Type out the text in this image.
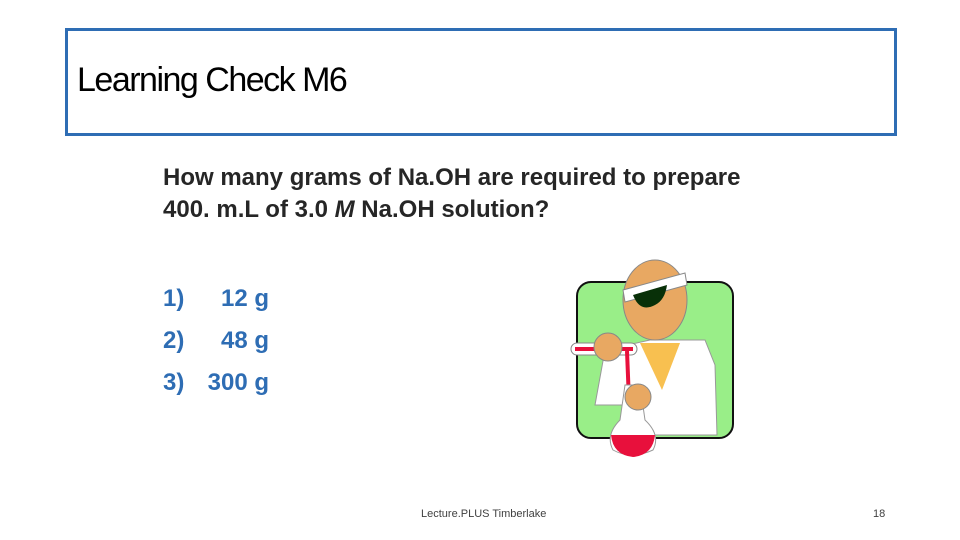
Learning Check M6
How many grams of Na.OH are required to prepare
400. m.L of 3.0 M Na.OH solution?
1) 12 g
2) 48 g
3) 300 g
Lecture.PLUS Timberlake	18
